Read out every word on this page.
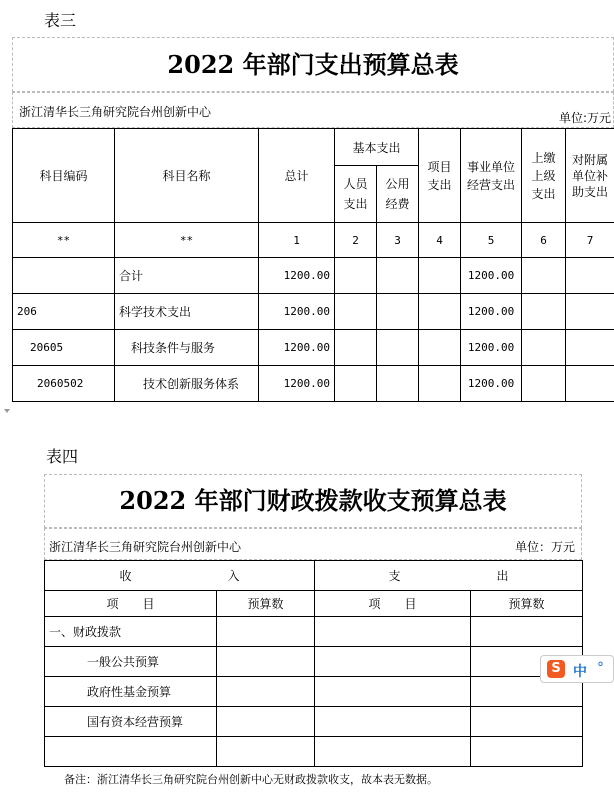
表三
2022 年部门支出预算总表
浙江清华长三角研究院台州创新中心	单位:万元
科目编码	科目名称	总计	基本支出		项目支出	事业单位经营支出	上缴上级支出	对附属单位补助支出
			人员支出	公用经费				
**	**	1	2	3	4	5	6	7
	合计	1200.00				1200.00		
206	科学技术支出	1200.00				1200.00		
20605	科技条件与服务	1200.00				1200.00		
2060502	技术创新服务体系	1200.00				1200.00		
表四
2022 年部门财政拨款收支预算总表
浙江清华长三角研究院台州创新中心	单位：万元
收　　　　　　　　入		支　　　　　　　　出	
项　　目	预算数	项　　目	预算数
一、财政拨款			
一般公共预算			
政府性基金预算			
国有资本经营预算			

备注：浙江清华长三角研究院台州创新中心无财政拨款收支，故本表无数据。
S 中 °
